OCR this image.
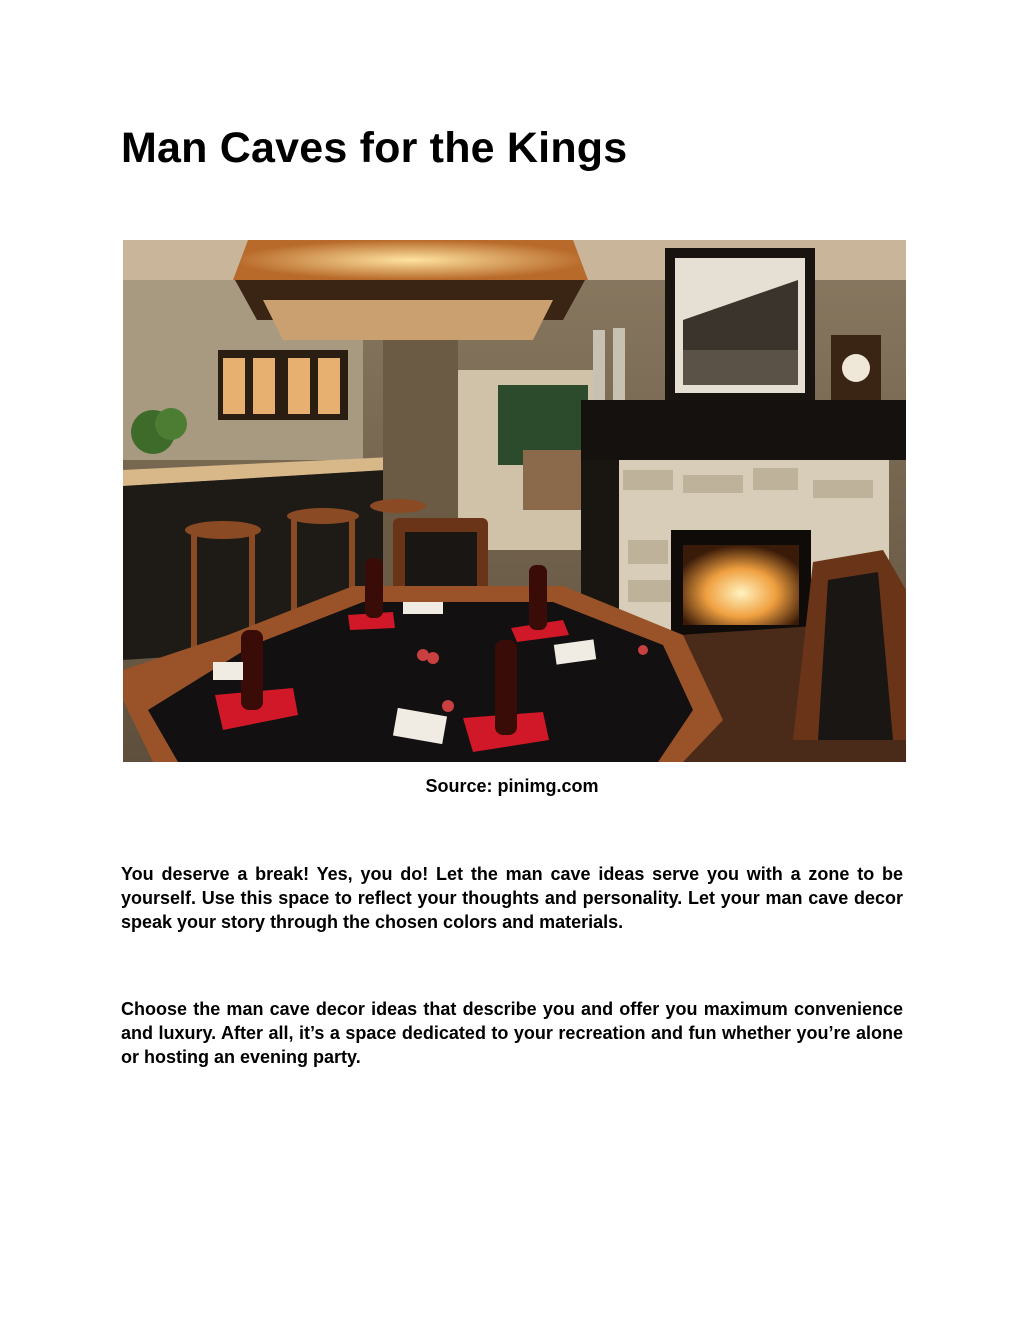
Man Caves for the Kings
Source: pinimg.com

You deserve a break! Yes, you do! Let the man cave ideas serve you with a zone to be yourself. Use this space to reflect your thoughts and personality. Let your man cave decor speak your story through the chosen colors and materials.

Choose the man cave decor ideas that describe you and offer you maximum convenience and luxury. After all, it’s a space dedicated to your recreation and fun whether you’re alone or hosting an evening party.
